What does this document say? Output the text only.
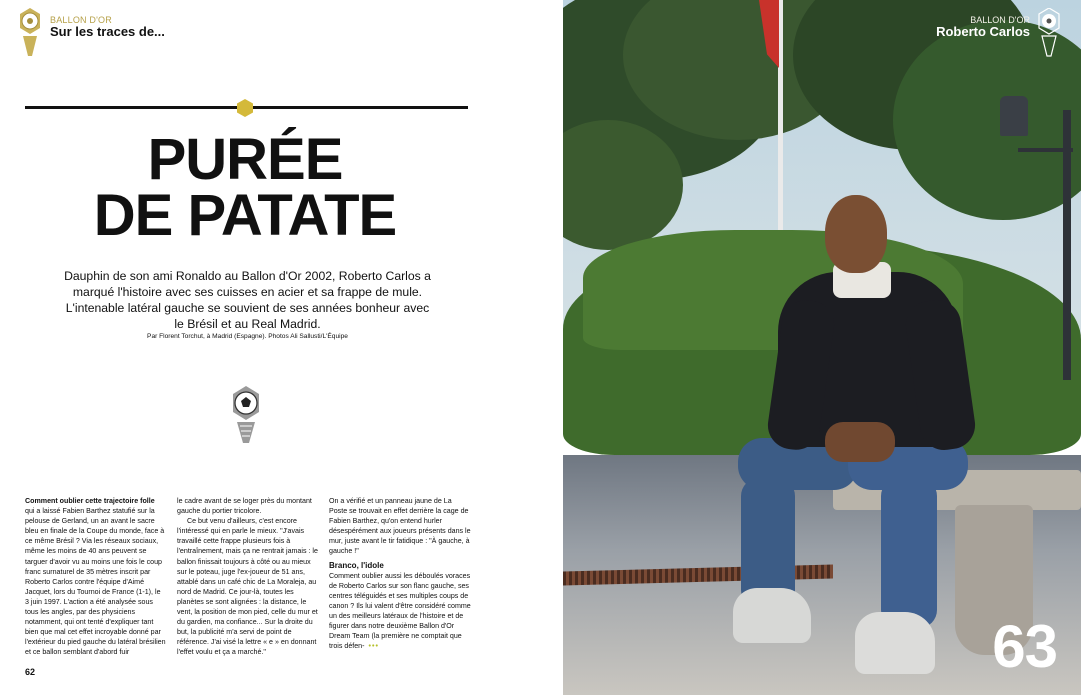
BALLON D'OR
Sur les traces de...
PURÉE
DE PATATE
Dauphin de son ami Ronaldo au Ballon d'Or 2002, Roberto Carlos a marqué l'histoire avec ses cuisses en acier et sa frappe de mule. L'intenable latéral gauche se souvient de ses années bonheur avec le Brésil et au Real Madrid.
Par Florent Torchut, à Madrid (Espagne). Photos Ali Sallusti/L'Équipe

Comment oublier cette trajectoire folle qui a laissé Fabien Barthez statufié sur la pelouse de Gerland, un an avant le sacre bleu en finale de la Coupe du monde, face à ce même Brésil ? Via les réseaux sociaux, même les moins de 40 ans peuvent se targuer d'avoir vu au moins une fois le coup franc surnaturel de 35 mètres inscrit par Roberto Carlos contre l'équipe d'Aimé Jacquet, lors du Tournoi de France (1-1), le 3 juin 1997. L'action a été analysée sous tous les angles, par des physiciens notamment, qui ont tenté d'expliquer tant bien que mal cet effet incroyable donné par l'extérieur du pied gauche du latéral brésilien et ce ballon semblant d'abord fuir

le cadre avant de se loger près du montant gauche du portier tricolore.

Ce but venu d'ailleurs, c'est encore l'intéressé qui en parle le mieux. "J'avais travaillé cette frappe plusieurs fois à l'entraînement, mais ça ne rentrait jamais : le ballon finissait toujours à côté ou au mieux sur le poteau, juge l'ex-joueur de 51 ans, attablé dans un café chic de La Moraleja, au nord de Madrid. Ce jour-là, toutes les planètes se sont alignées : la distance, le vent, la position de mon pied, celle du mur et du gardien, ma confiance... Sur la droite du but, la publicité m'a servi de point de référence. J'ai visé la lettre « e » en donnant l'effet voulu et ça a marché."

On a vérifié et un panneau jaune de La Poste se trouvait en effet derrière la cage de Fabien Barthez, qu'on entend hurler désespérément aux joueurs présents dans le mur, juste avant le tir fatidique : "À gauche, à gauche !"

Branco, l'idole

Comment oublier aussi les déboulés voraces de Roberto Carlos sur son flanc gauche, ses centres téléguidés et ses multiples coups de canon ? Ils lui valent d'être considéré comme un des meilleurs latéraux de l'histoire et de figurer dans notre deuxième Ballon d'Or Dream Team (la première ne comptait que trois défen- •••

62
BALLON D'OR
Roberto Carlos
63
